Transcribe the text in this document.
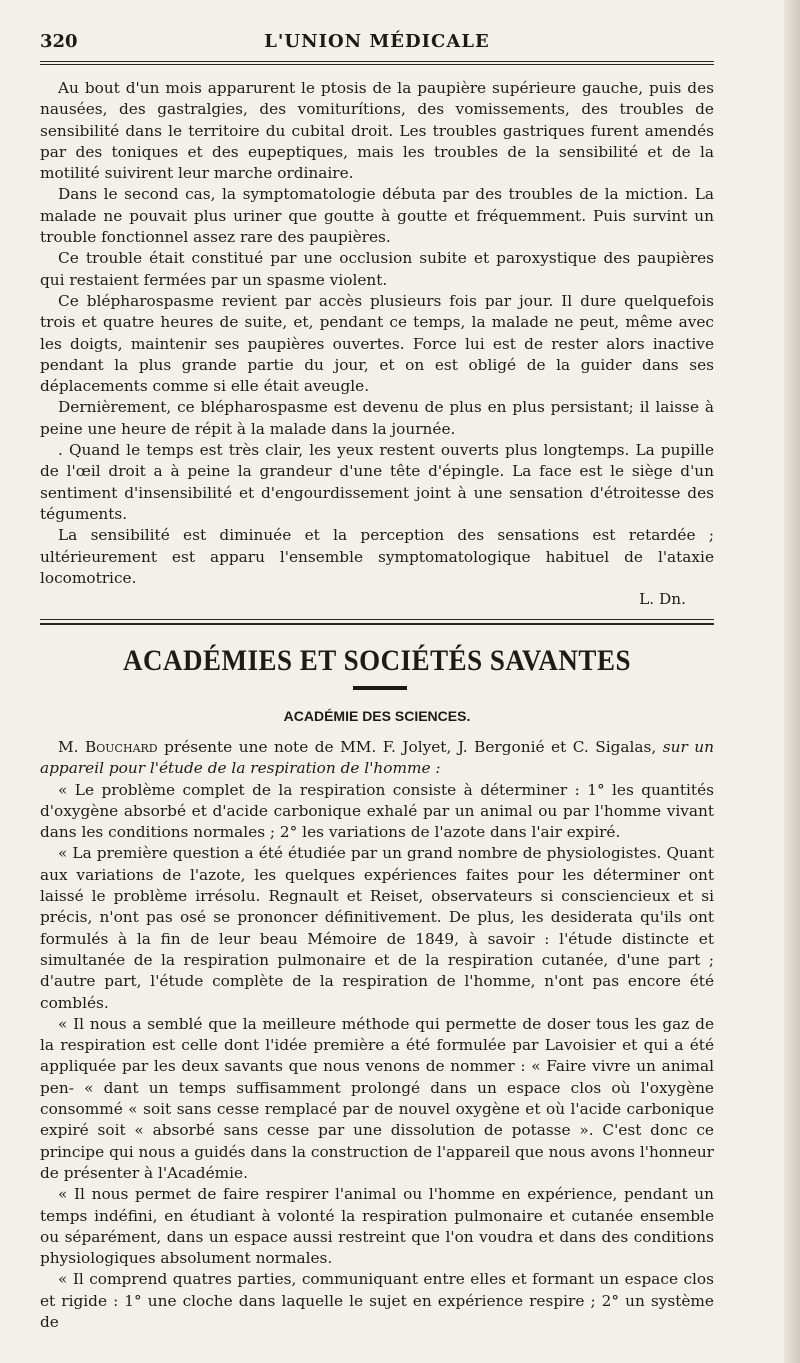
320	L'UNION MÉDICALE

Au bout d'un mois apparurent le ptosis de la paupière supérieure gauche, puis des nausées, des gastralgies, des vomiturítions, des vomissements, des troubles de sensibilité dans le territoire du cubital droit. Les troubles gastriques furent amendés par des toniques et des eupeptiques, mais les troubles de la sensibilité et de la motilité suivirent leur marche ordinaire.

Dans le second cas, la symptomatologie débuta par des troubles de la miction. La malade ne pouvait plus uriner que goutte à goutte et fréquemment. Puis survint un trouble fonctionnel assez rare des paupières.

Ce trouble était constitué par une occlusion subite et paroxystique des paupières qui restaient fermées par un spasme violent.

Ce blépharospasme revient par accès plusieurs fois par jour. Il dure quelquefois trois et quatre heures de suite, et, pendant ce temps, la malade ne peut, même avec les doigts, maintenir ses paupières ouvertes. Force lui est de rester alors inactive pendant la plus grande partie du jour, et on est obligé de la guider dans ses déplacements comme si elle était aveugle.

Dernièrement, ce blépharospasme est devenu de plus en plus persistant; il laisse à peine une heure de répit à la malade dans la journée.

. Quand le temps est très clair, les yeux restent ouverts plus longtemps. La pupille de l'œil droit a à peine la grandeur d'une tête d'épingle. La face est le siège d'un sentiment d'insensibilité et d'engourdissement joint à une sensation d'étroitesse des téguments.

La sensibilité est diminuée et la perception des sensations est retardée ; ultérieurement est apparu l'ensemble symptomatologique habituel de l'ataxie locomotrice.

L. Dn.
ACADÉMIES ET SOCIÉTÉS SAVANTES
ACADÉMIE DES SCIENCES.

M. Bouchard présente une note de MM. F. Jolyet, J. Bergonié et C. Sigalas, sur un appareil pour l'étude de la respiration de l'homme :

« Le problème complet de la respiration consiste à déterminer : 1° les quantités d'oxygène absorbé et d'acide carbonique exhalé par un animal ou par l'homme vivant dans les conditions normales ; 2° les variations de l'azote dans l'air expiré.

« La première question a été étudiée par un grand nombre de physiologistes. Quant aux variations de l'azote, les quelques expériences faites pour les déterminer ont laissé le problème irrésolu. Regnault et Reiset, observateurs si consciencieux et si précis, n'ont pas osé se prononcer définitivement. De plus, les desiderata qu'ils ont formulés à la fin de leur beau Mémoire de 1849, à savoir : l'étude distincte et simultanée de la respiration pulmonaire et de la respiration cutanée, d'une part ; d'autre part, l'étude complète de la respiration de l'homme, n'ont pas encore été comblés.

« Il nous a semblé que la meilleure méthode qui permette de doser tous les gaz de la respiration est celle dont l'idée première a été formulée par Lavoisier et qui a été appliquée par les deux savants que nous venons de nommer : « Faire vivre un animal pen- « dant un temps suffisamment prolongé dans un espace clos où l'oxygène consommé « soit sans cesse remplacé par de nouvel oxygène et où l'acide carbonique expiré soit « absorbé sans cesse par une dissolution de potasse ». C'est donc ce principe qui nous a guidés dans la construction de l'appareil que nous avons l'honneur de présenter à l'Académie.

« Il nous permet de faire respirer l'animal ou l'homme en expérience, pendant un temps indéfini, en étudiant à volonté la respiration pulmonaire et cutanée ensemble ou séparément, dans un espace aussi restreint que l'on voudra et dans des conditions physiologiques absolument normales.

« Il comprend quatres parties, communiquant entre elles et formant un espace clos et rigide : 1° une cloche dans laquelle le sujet en expérience respire ; 2° un système de
